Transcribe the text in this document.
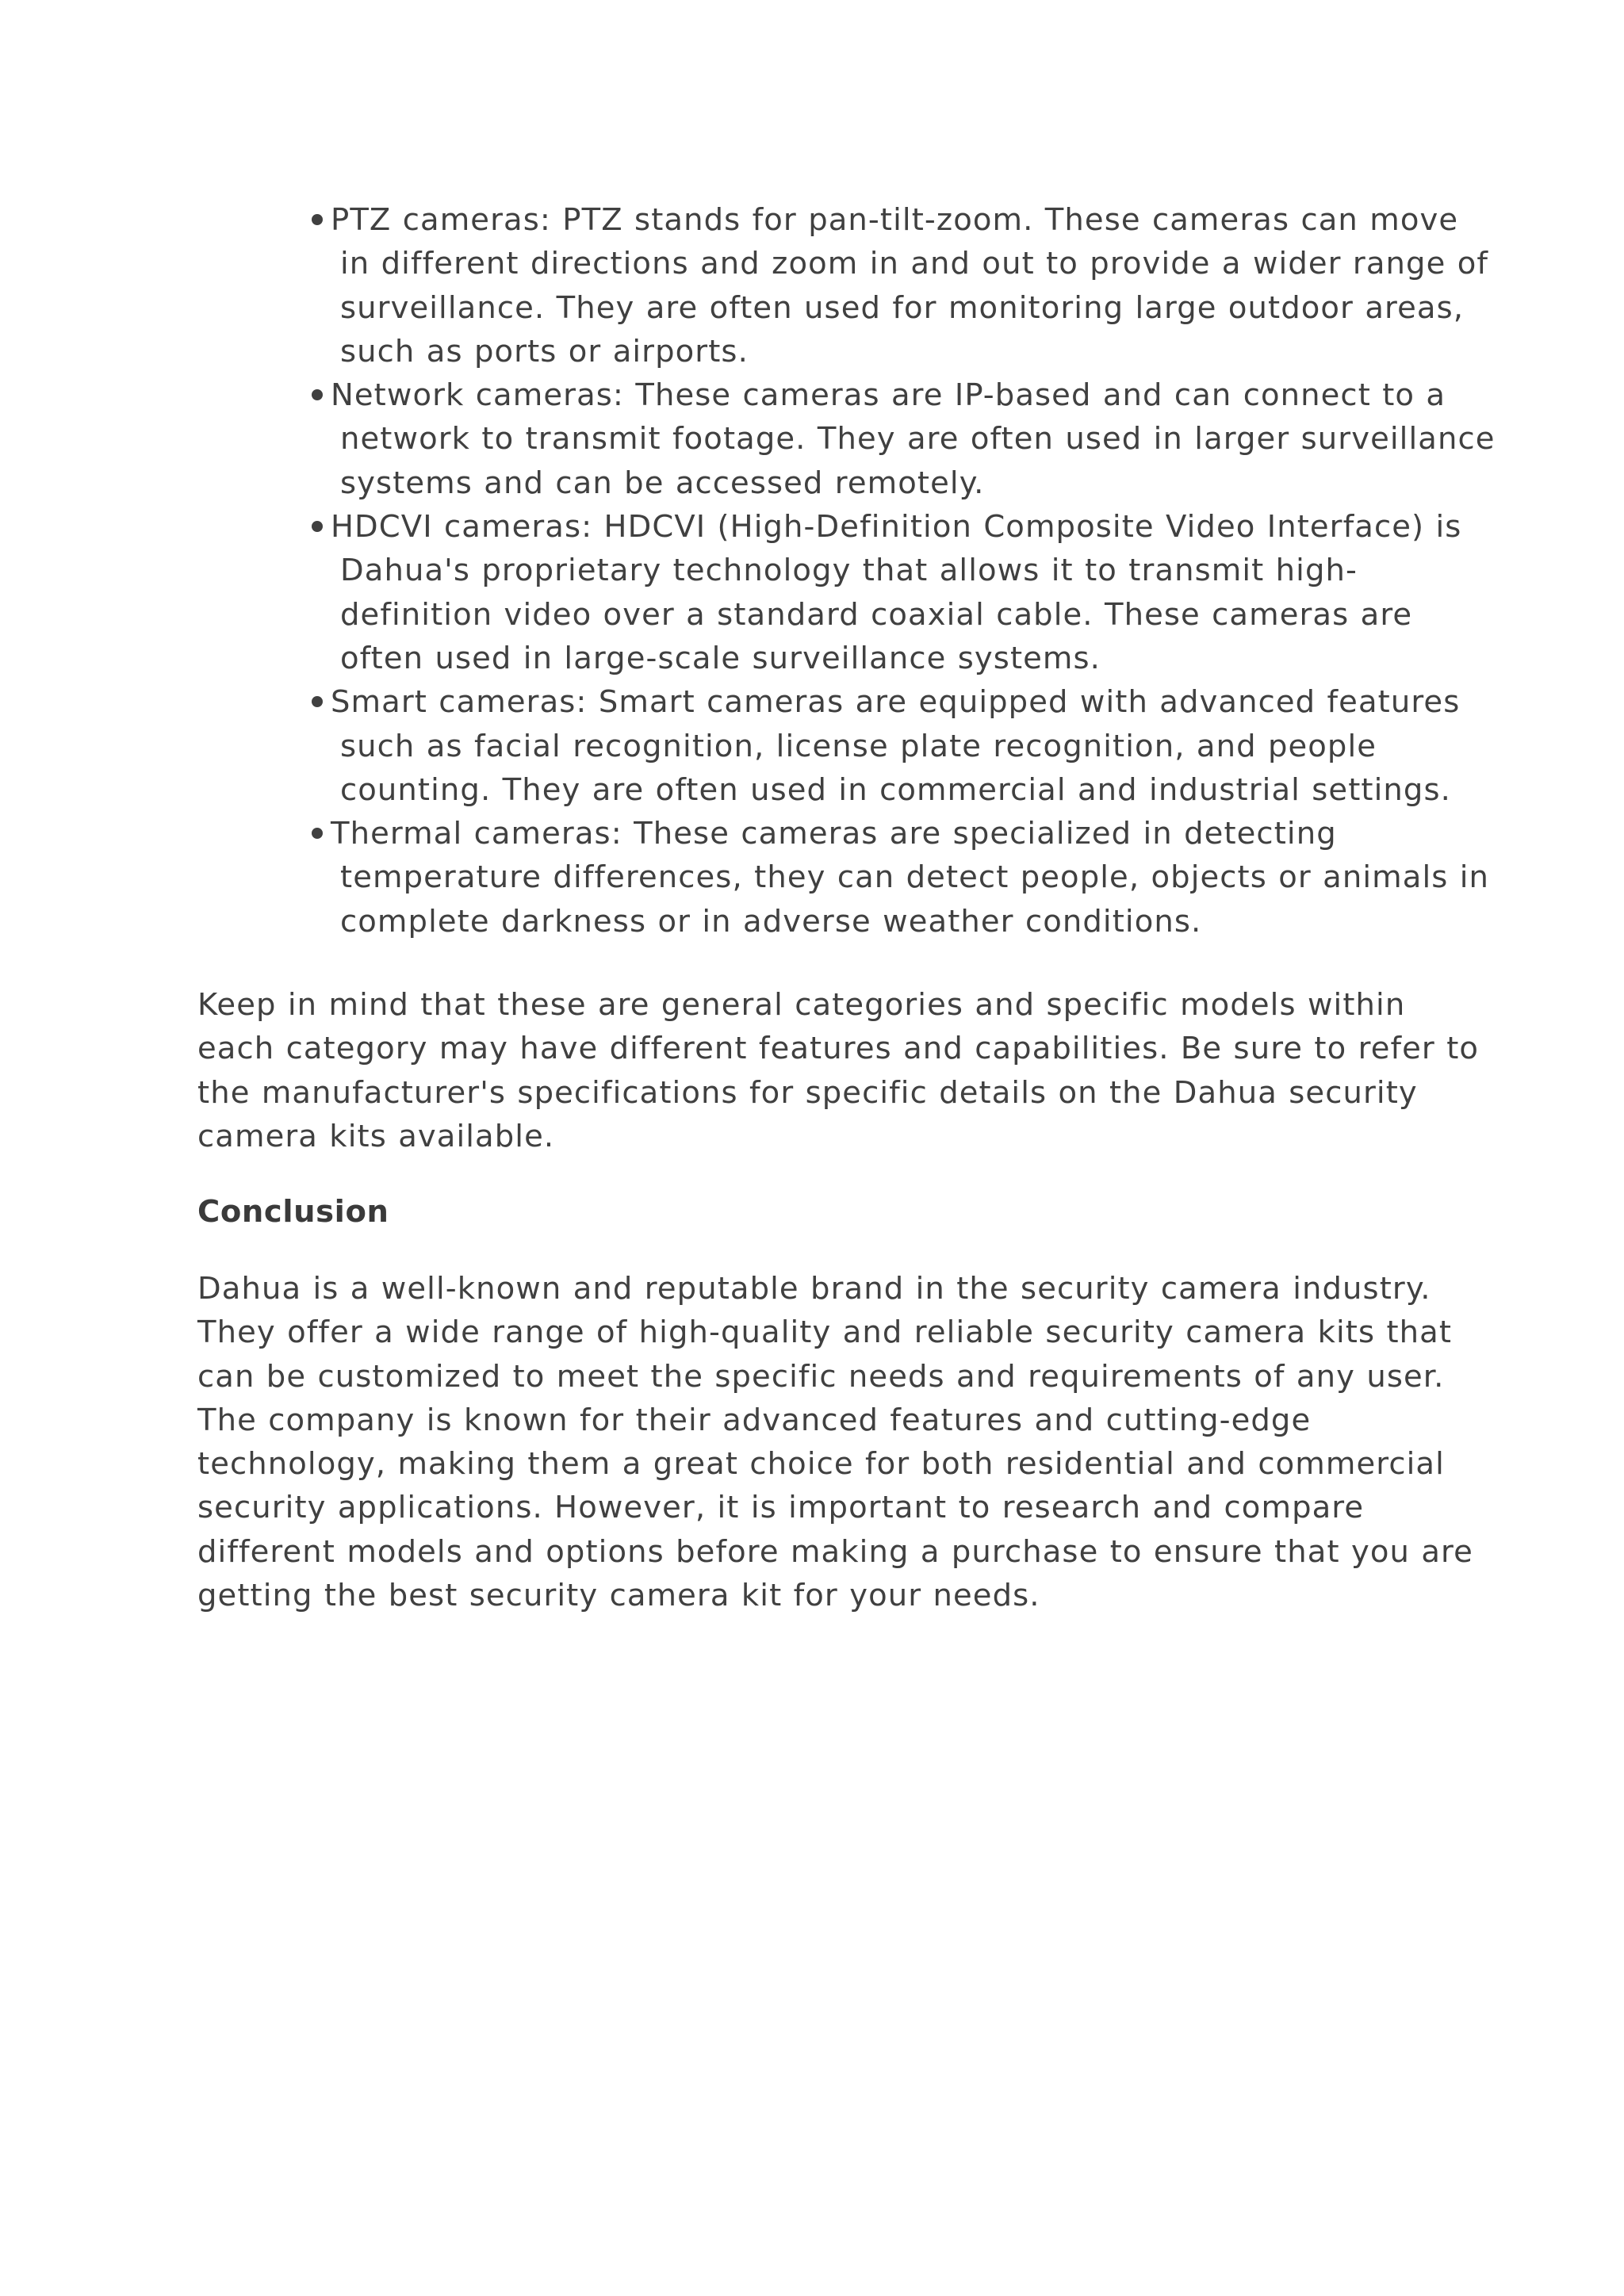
PTZ cameras: PTZ stands for pan-tilt-zoom. These cameras can move in different directions and zoom in and out to provide a wider range of surveillance. They are often used for monitoring large outdoor areas, such as ports or airports.
Network cameras: These cameras are IP-based and can connect to a network to transmit footage. They are often used in larger surveillance systems and can be accessed remotely.
HDCVI cameras: HDCVI (High-Definition Composite Video Interface) is Dahua's proprietary technology that allows it to transmit high-definition video over a standard coaxial cable. These cameras are often used in large-scale surveillance systems.
Smart cameras: Smart cameras are equipped with advanced features such as facial recognition, license plate recognition, and people counting. They are often used in commercial and industrial settings.
Thermal cameras: These cameras are specialized in detecting temperature differences, they can detect people, objects or animals in complete darkness or in adverse weather conditions.

Keep in mind that these are general categories and specific models within each category may have different features and capabilities. Be sure to refer to the manufacturer's specifications for specific details on the Dahua security camera kits available.

Conclusion

Dahua is a well-known and reputable brand in the security camera industry. They offer a wide range of high-quality and reliable security camera kits that can be customized to meet the specific needs and requirements of any user. The company is known for their advanced features and cutting-edge technology, making them a great choice for both residential and commercial security applications. However, it is important to research and compare different models and options before making a purchase to ensure that you are getting the best security camera kit for your needs.
